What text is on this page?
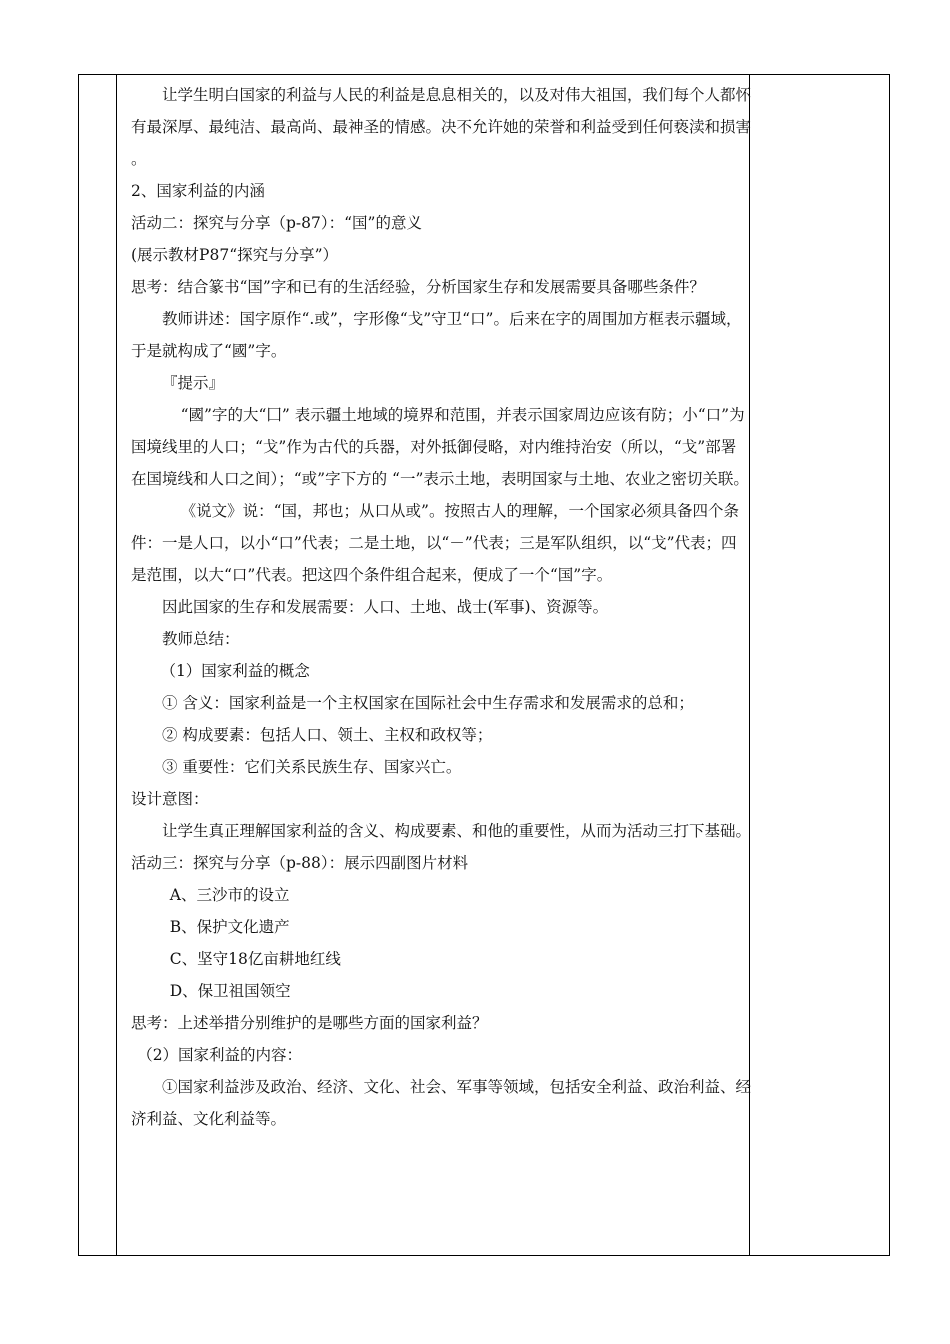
让学生明白国家的利益与人民的利益是息息相关的，以及对伟大祖国，我们每个人都怀有最深厚、最纯洁、最高尚、最神圣的情感。决不允许她的荣誉和利益受到任何亵渎和损害 。

2、国家利益的内涵

活动二：探究与分享（p-87）：“国”的意义

(展示教材P87“探究与分享”）

思考：结合篆书“国”字和已有的生活经验，分析国家生存和发展需要具备哪些条件？

教师讲述：国字原作“.或”，字形像“戈”守卫“口”。后来在字的周围加方框表示疆域，于是就构成了“國”字。

『提示』

“國”字的大“囗” 表示疆土地域的境界和范围，并表示国家周边应该有防；小“口”为国境线里的人口；“戈”作为古代的兵器，对外抵御侵略，对内维持治安（所以，“戈”部署在国境线和人口之间）；“或”字下方的 “一”表示土地，表明国家与土地、农业之密切关联。

《说文》说：“国，邦也；从口从或”。按照古人的理解，一个国家必须具备四个条件：一是人口，以小“口”代表；二是土地，以“－”代表；三是军队组织，以“戈”代表；四是范围，以大“口”代表。把这四个条件组合起来，便成了一个“国”字。

因此国家的生存和发展需要：人口、土地、战士(军事)、资源等。

教师总结：

（1）国家利益的概念

① 含义：国家利益是一个主权国家在国际社会中生存需求和发展需求的总和；

② 构成要素：包括人口、领土、主权和政权等；

③ 重要性：它们关系民族生存、国家兴亡。

设计意图：

让学生真正理解国家利益的含义、构成要素、和他的重要性，从而为活动三打下基础。

活动三：探究与分享（p-88）：展示四副图片材料

A、三沙市的设立

B、保护文化遗产

C、坚守18亿亩耕地红线

D、保卫祖国领空

思考：上述举措分别维护的是哪些方面的国家利益？

（2）国家利益的内容：

①国家利益涉及政治、经济、文化、社会、军事等领域，包括安全利益、政治利益、经济利益、文化利益等。
